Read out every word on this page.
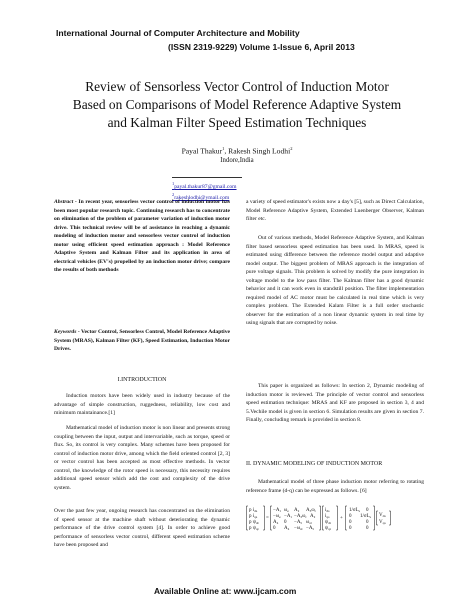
International Journal of Computer Architecture and Mobility
(ISSN 2319-9229) Volume 1-Issue 6, April 2013
Review of Sensorless Vector Control of Induction Motor
Based on Comparisons of Model Reference Adaptive System
and Kalman Filter Speed Estimation Techniques
Payal Thakur$^1$, Rakesh Singh Lodhi$^2$
Indore,India
$^1$payal.thakur87@gmail.com
$^2$rakeshlodhi@ymail.com

Abstract - In recent year, sensorless vector control of induction motor has been most popular research topic. Continuing research has to concentrate on elimination of the problem of parameter variation of induction motor drive. This technical review will be of assistance in reaching a dynamic modeling of induction motor and sensorless vector control of induction motor using efficient speed estimation approach : Model Reference Adaptive System and Kalman Filter and its application in area of electrical vehicles (EV's) propelled by an induction motor drive; compare the results of both methods

Keywords - Vector Control, Sensorless Control, Model Reference Adaptive System (MRAS), Kalman Filter (KF), Speed Estimation, Induction Motor Drives.

I.INTRODUCTION

Induction motors have been widely used in industry because of the advantage of simple construction, ruggedness, reliability, low cost and minimum maintainance.[1]

Mathematical model of induction motor is non linear and presents strong coupling between the input, output and intervariable, such as torque, speed or flux. So, its control is very complex. Many schemes have been proposed for control of induction motor drive, among which the field oriented control [2, 3] or vector control has been accepted as most effective methods. In vector control, the knowledge of the rotor speed is necessary, this necessity requires additional speed sensor which add the cost and complexity of the drive system.

Over the past few year, ongoing research has concentrated on the elimination of speed sensor at the machine shaft without deteriorating the dynamic performance of the drive control system [4]. In order to achieve good performance of sensorless vector control, different speed estimation scheme have been proposed and

a variety of speed estimator's exists now a day's [5], such as Direct Calculation, Model Reference Adaptive System, Extended Luenberger Observer, Kalman filter etc.

Out of various methods, Model Reference Adaptive System, and Kalman filter based sensorless speed estimation has been used. In MRAS, speed is estimated using difference between the reference model output and adaptive model output. The biggest problem of MRAS approach is the integration of pure voltage signals. This problem is solved by modify the pure integration in voltage model to the low pass filter. The Kalman filter has a good dynamic behavior and it can work even in standstill position. The filter implementation required model of AC motor must be calculated in real time which is very complex problem. The Extended Kalam Filter is a full order stochastic observer for the estimation of a non linear dynamic system in real time by using signals that are corrupted by noise.

This paper is organized as follows: In section 2, Dynamic modeling of induction motor is reviewed. The principle of vector control and sensorless speed estimation technique: MRAS and KF are proposed in section 3, 4 and 5.Vechile model is given in section 6. Simulation results are given in section 7. Finally, concluding remark is provided in section 8.

II. DYNAMIC MODELING OF INDUCTION MOTOR

Mathematical model of three phase induction motor referring to rotating reference frame (d-q) can be expressed as follows. [6]

p $i_{ds}$
p $i_{qs}$
p $\psi_{dr}$
p $\psi_{qr}$
=
−A₁ $\omega_e$ A₂ $A_3\omega_r$
$-\omega_e -A_1 -A_3\omega_r$ A₂
A₄ 0 −A₅ $\omega_{sl}$
0 $A_4 -\omega_{sl} -A_5$
$i_{ds}$
$i_{qs}$
$\psi_{dr}$
$\psi_{qr}$
+
$1/\sigma L_s$ 0
0 $1/\sigma L_s$
0	0
0	0
$V_{ds}$
$V_{qs}$
Available Online at: www.ijcam.com
